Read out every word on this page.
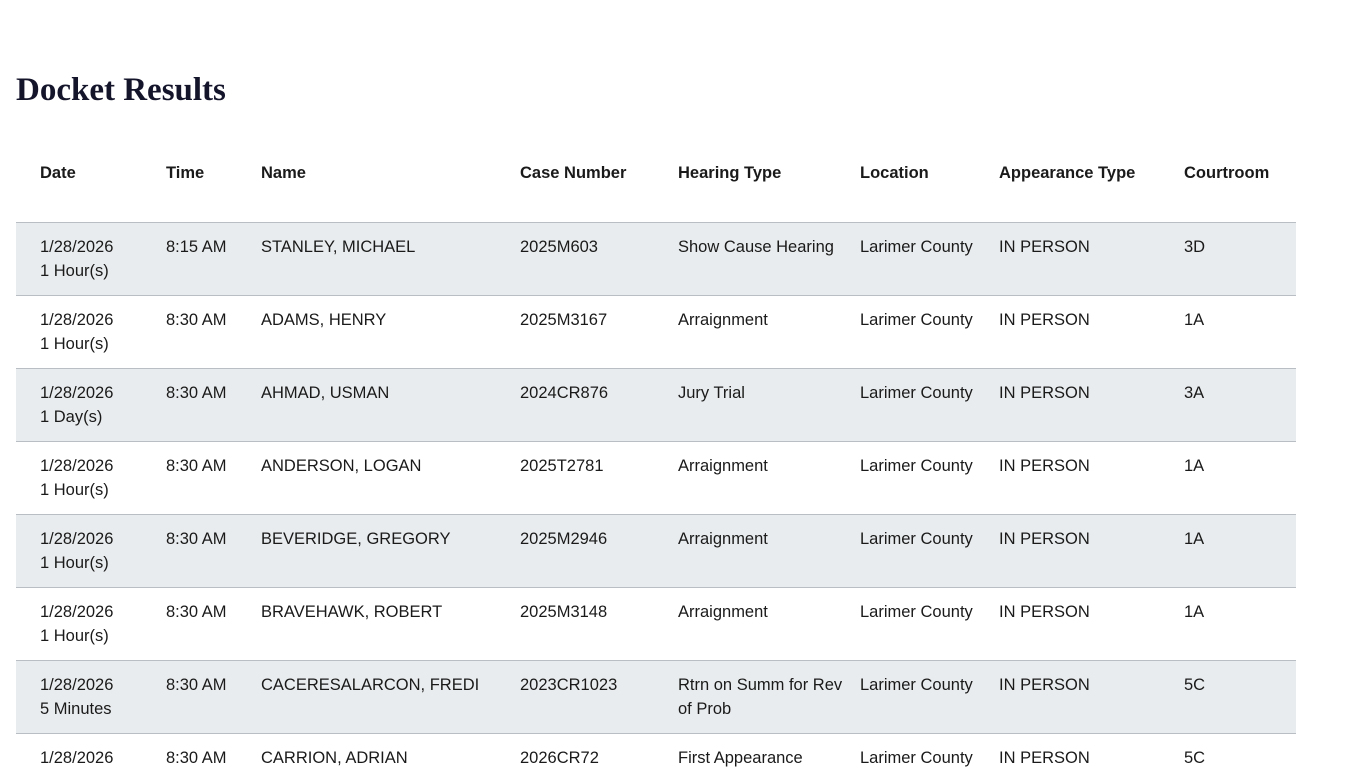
Docket Results
Date	Time	Name	Case Number	Hearing Type	Location	Appearance Type	Courtroom

1/28/2026
1 Hour(s)	8:15 AM	STANLEY, MICHAEL	2025M603	Show Cause Hearing	Larimer County	IN PERSON	3D

1/28/2026
1 Hour(s)	8:30 AM	ADAMS, HENRY	2025M3167	Arraignment	Larimer County	IN PERSON	1A

1/28/2026
1 Day(s)	8:30 AM	AHMAD, USMAN	2024CR876	Jury Trial	Larimer County	IN PERSON	3A

1/28/2026
1 Hour(s)	8:30 AM	ANDERSON, LOGAN	2025T2781	Arraignment	Larimer County	IN PERSON	1A

1/28/2026
1 Hour(s)	8:30 AM	BEVERIDGE, GREGORY	2025M2946	Arraignment	Larimer County	IN PERSON	1A

1/28/2026
1 Hour(s)	8:30 AM	BRAVEHAWK, ROBERT	2025M3148	Arraignment	Larimer County	IN PERSON	1A

1/28/2026
5 Minutes	8:30 AM	CACERESALARCON, FREDI	2023CR1023	Rtrn on Summ for Rev of Prob	Larimer County	IN PERSON	5C

1/28/2026	8:30 AM	CARRION, ADRIAN	2026CR72	First Appearance	Larimer County	IN PERSON	5C
